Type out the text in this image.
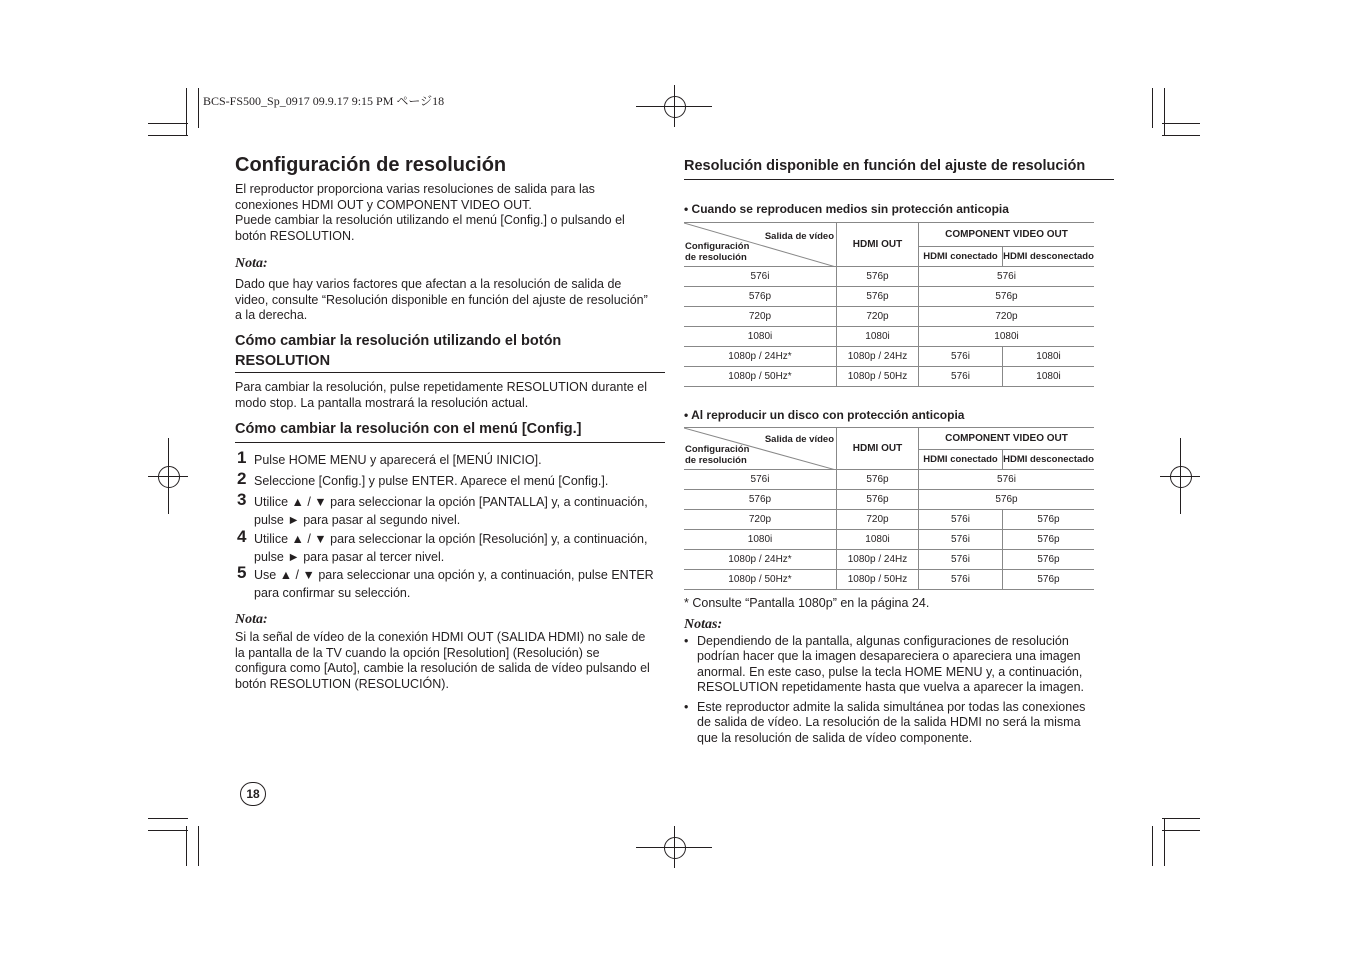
BCS-FS500_Sp_0917 09.9.17 9:15 PM ページ18
Configuración de resolución
El reproductor proporciona varias resoluciones de salida para las
conexiones HDMI OUT y COMPONENT VIDEO OUT.
Puede cambiar la resolución utilizando el menú [Config.] o pulsando el
botón RESOLUTION.
Nota:
Dado que hay varios factores que afectan a la resolución de salida de
video, consulte “Resolución disponible en función del ajuste de resolución”
a la derecha.
Cómo cambiar la resolución utilizando el botón
RESOLUTION
Para cambiar la resolución, pulse repetidamente RESOLUTION durante el
modo stop. La pantalla mostrará la resolución actual.
Cómo cambiar la resolución con el menú [Config.]
1 Pulse HOME MENU y aparecerá el [MENÚ INICIO].
2 Seleccione [Config.] y pulse ENTER. Aparece el menú [Config.].
3 Utilice ▲ / ▼ para seleccionar la opción [PANTALLA] y, a continuación,
pulse ► para pasar al segundo nivel.
4 Utilice ▲ / ▼ para seleccionar la opción [Resolución] y, a continuación,
pulse ► para pasar al tercer nivel.
5 Use ▲ / ▼ para seleccionar una opción y, a continuación, pulse ENTER
para confirmar su selección.
Nota:
Si la señal de vídeo de la conexión HDMI OUT (SALIDA HDMI) no sale de
la pantalla de la TV cuando la opción [Resolution] (Resolución) se
configura como [Auto], cambie la resolución de salida de vídeo pulsando el
botón RESOLUTION (RESOLUCIÓN).
18
Resolución disponible en función del ajuste de resolución
• Cuando se reproducen medios sin protección anticopia
Salida de vídeo
Configuración
de resolución	HDMI OUT	COMPONENT VIDEO OUT	
		HDMI conectado	HDMI desconectado
576i	576p	576i	
576p	576p	576p	
720p	720p	720p	
1080i	1080i	1080i	
1080p / 24Hz*	1080p / 24Hz	576i	1080i
1080p / 50Hz*	1080p / 50Hz	576i	1080i
• Al reproducir un disco con protección anticopia
Salida de vídeo
Configuración
de resolución	HDMI OUT	COMPONENT VIDEO OUT	
		HDMI conectado	HDMI desconectado
576i	576p	576i	
576p	576p	576p	
720p	720p	576i	576p
1080i	1080i	576i	576p
1080p / 24Hz*	1080p / 24Hz	576i	576p
1080p / 50Hz*	1080p / 50Hz	576i	576p
* Consulte “Pantalla 1080p” en la página 24.
Notas:
• Dependiendo de la pantalla, algunas configuraciones de resolución
podrían hacer que la imagen desapareciera o apareciera una imagen
anormal. En este caso, pulse la tecla HOME MENU y, a continuación,
RESOLUTION repetidamente hasta que vuelva a aparecer la imagen.
• Este reproductor admite la salida simultánea por todas las conexiones
de salida de vídeo. La resolución de la salida HDMI no será la misma
que la resolución de salida de vídeo componente.
